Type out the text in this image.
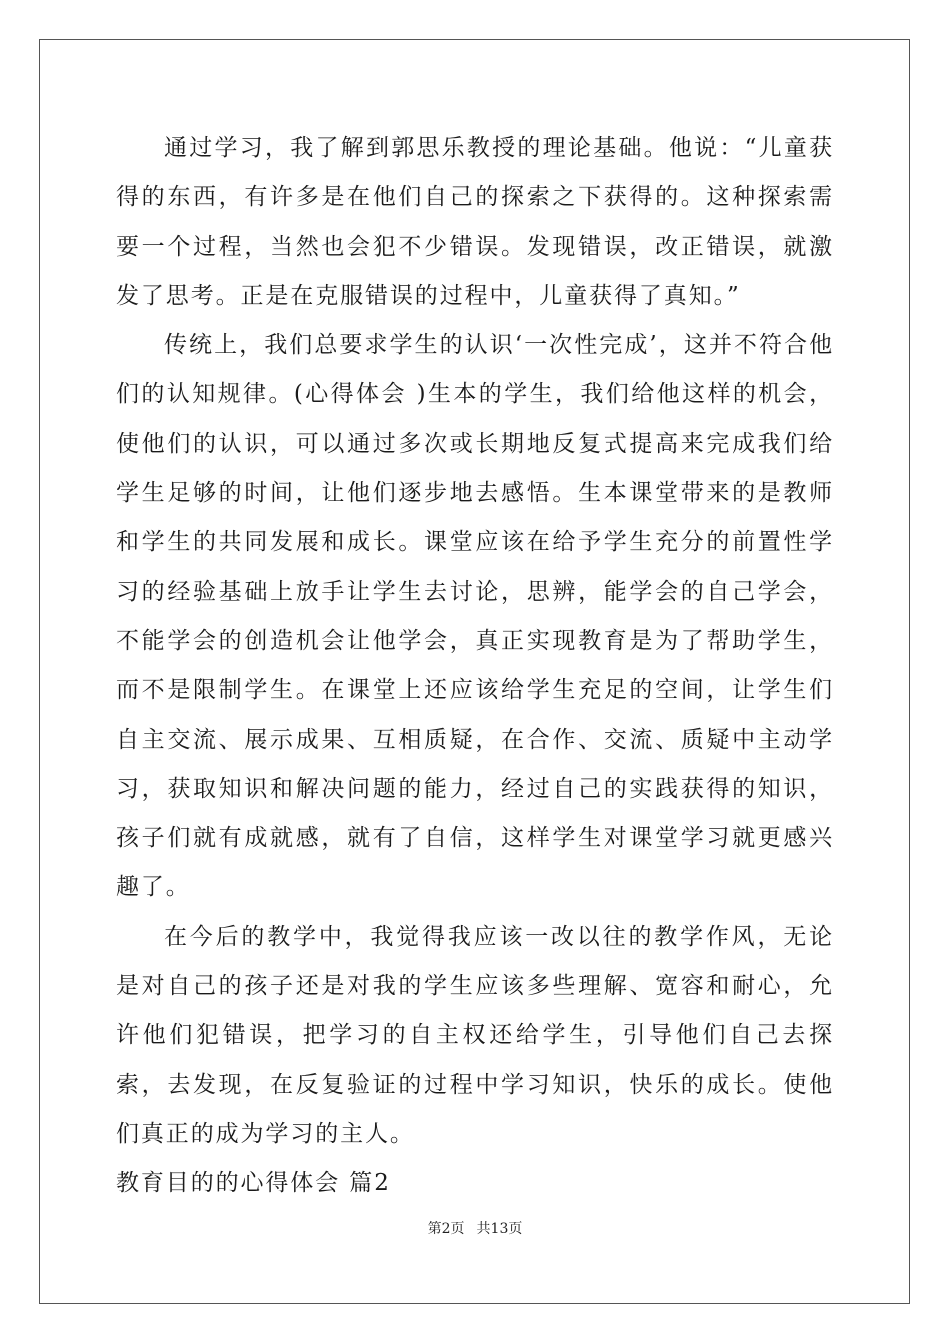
通过学习，我了解到郭思乐教授的理论基础。他说：“儿童获得的东西，有许多是在他们自己的探索之下获得的。这种探索需要一个过程，当然也会犯不少错误。发现错误，改正错误，就激发了思考。正是在克服错误的过程中，儿童获得了真知。”

传统上，我们总要求学生的认识‘一次性完成’，这并不符合他们的认知规律。(心得体会 )生本的学生，我们给他这样的机会，使他们的认识，可以通过多次或长期地反复式提高来完成我们给学生足够的时间，让他们逐步地去感悟。生本课堂带来的是教师和学生的共同发展和成长。课堂应该在给予学生充分的前置性学习的经验基础上放手让学生去讨论，思辨，能学会的自己学会，不能学会的创造机会让他学会，真正实现教育是为了帮助学生，而不是限制学生。在课堂上还应该给学生充足的空间，让学生们自主交流、展示成果、互相质疑，在合作、交流、质疑中主动学习，获取知识和解决问题的能力，经过自己的实践获得的知识，孩子们就有成就感，就有了自信，这样学生对课堂学习就更感兴趣了。

在今后的教学中，我觉得我应该一改以往的教学作风，无论是对自己的孩子还是对我的学生应该多些理解、宽容和耐心，允许他们犯错误，把学习的自主权还给学生，引导他们自己去探索，去发现，在反复验证的过程中学习知识，快乐的成长。使他们真正的成为学习的主人。

教育目的的心得体会 篇2

第2页 共13页
